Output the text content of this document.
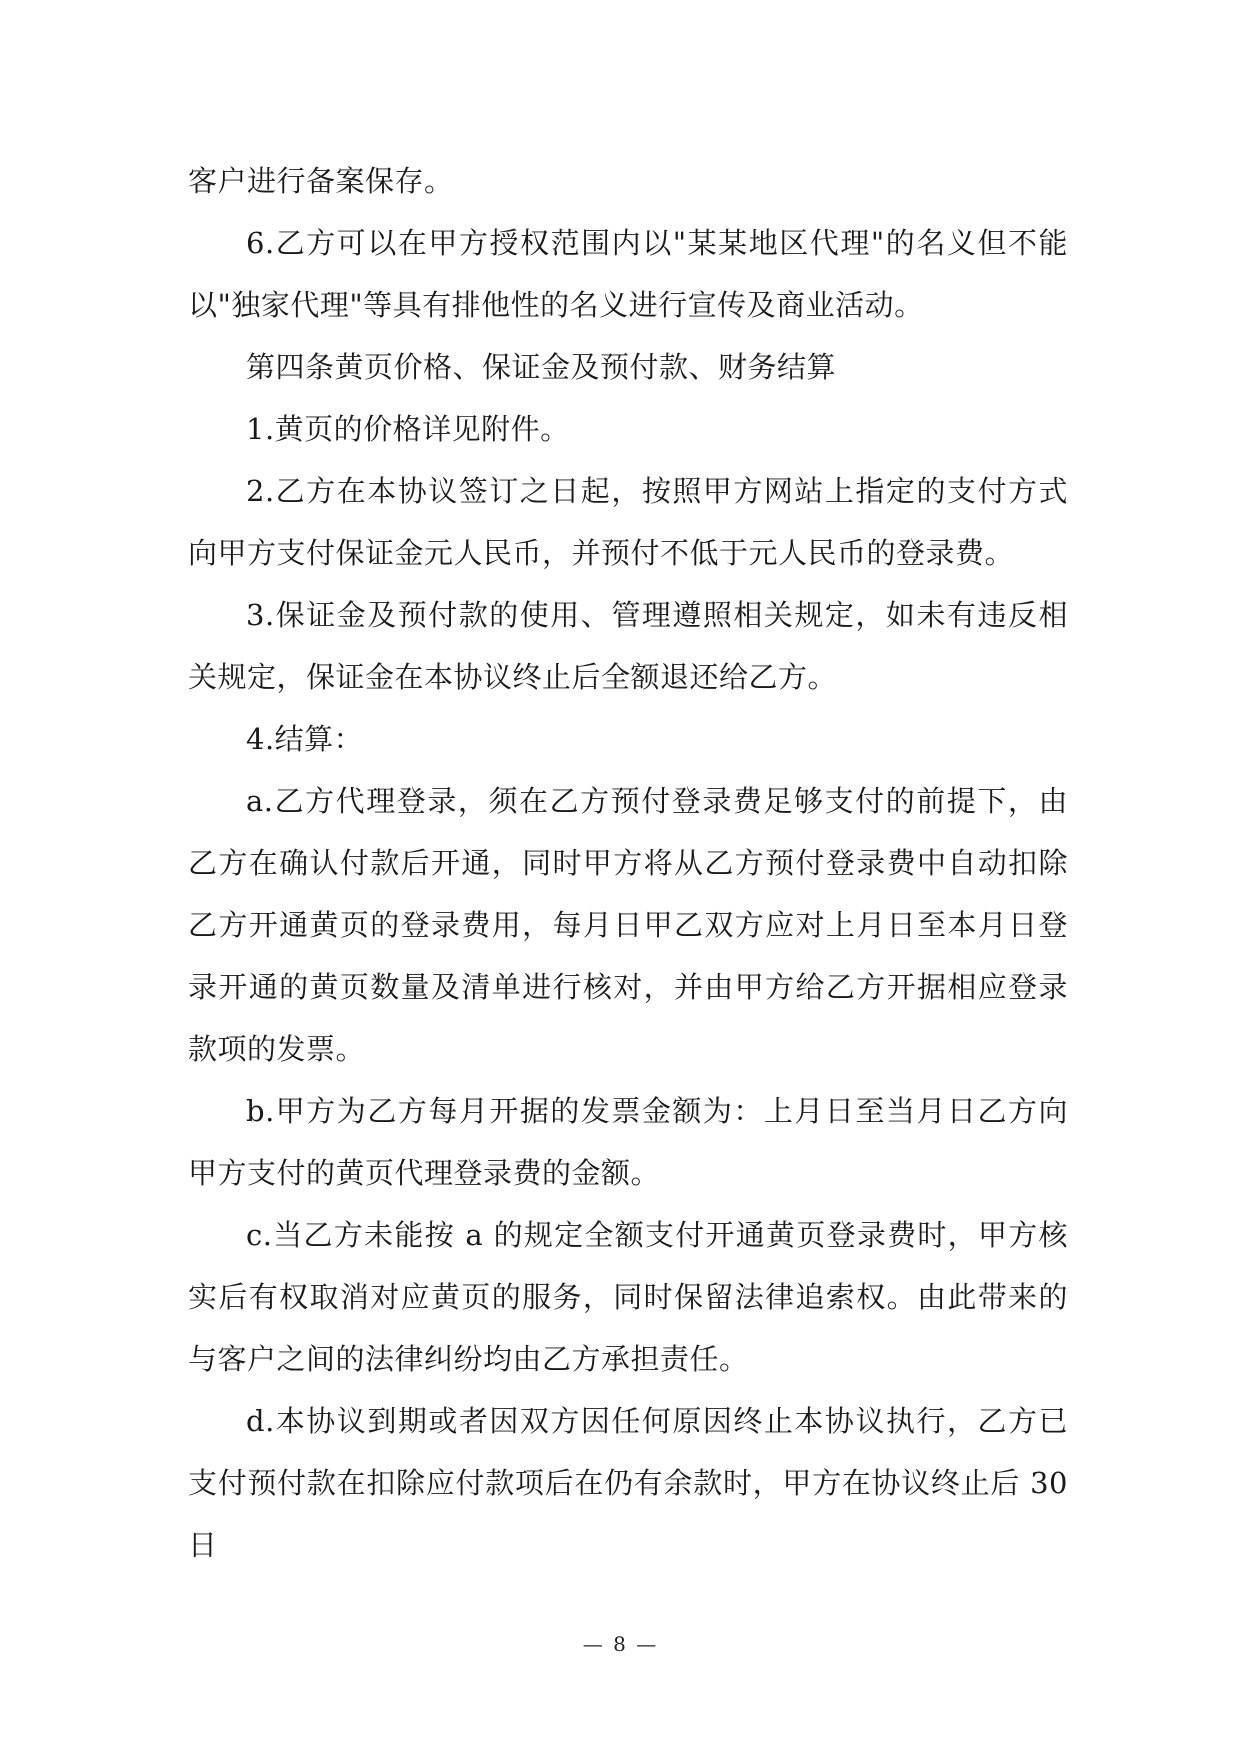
客户进行备案保存。

6.乙方可以在甲方授权范围内以"某某地区代理"的名义但不能以"独家代理"等具有排他性的名义进行宣传及商业活动。

第四条黄页价格、保证金及预付款、财务结算

1.黄页的价格详见附件。

2.乙方在本协议签订之日起，按照甲方网站上指定的支付方式向甲方支付保证金元人民币，并预付不低于元人民币的登录费。

3.保证金及预付款的使用、管理遵照相关规定，如未有违反相关规定，保证金在本协议终止后全额退还给乙方。

4.结算：

a.乙方代理登录，须在乙方预付登录费足够支付的前提下，由乙方在确认付款后开通，同时甲方将从乙方预付登录费中自动扣除乙方开通黄页的登录费用，每月日甲乙双方应对上月日至本月日登录开通的黄页数量及清单进行核对，并由甲方给乙方开据相应登录款项的发票。

b.甲方为乙方每月开据的发票金额为：上月日至当月日乙方向甲方支付的黄页代理登录费的金额。

c.当乙方未能按 a 的规定全额支付开通黄页登录费时，甲方核实后有权取消对应黄页的服务，同时保留法律追索权。由此带来的与客户之间的法律纠纷均由乙方承担责任。

d.本协议到期或者因双方因任何原因终止本协议执行，乙方已支付预付款在扣除应付款项后在仍有余款时，甲方在协议终止后 30 日

— 8 —
